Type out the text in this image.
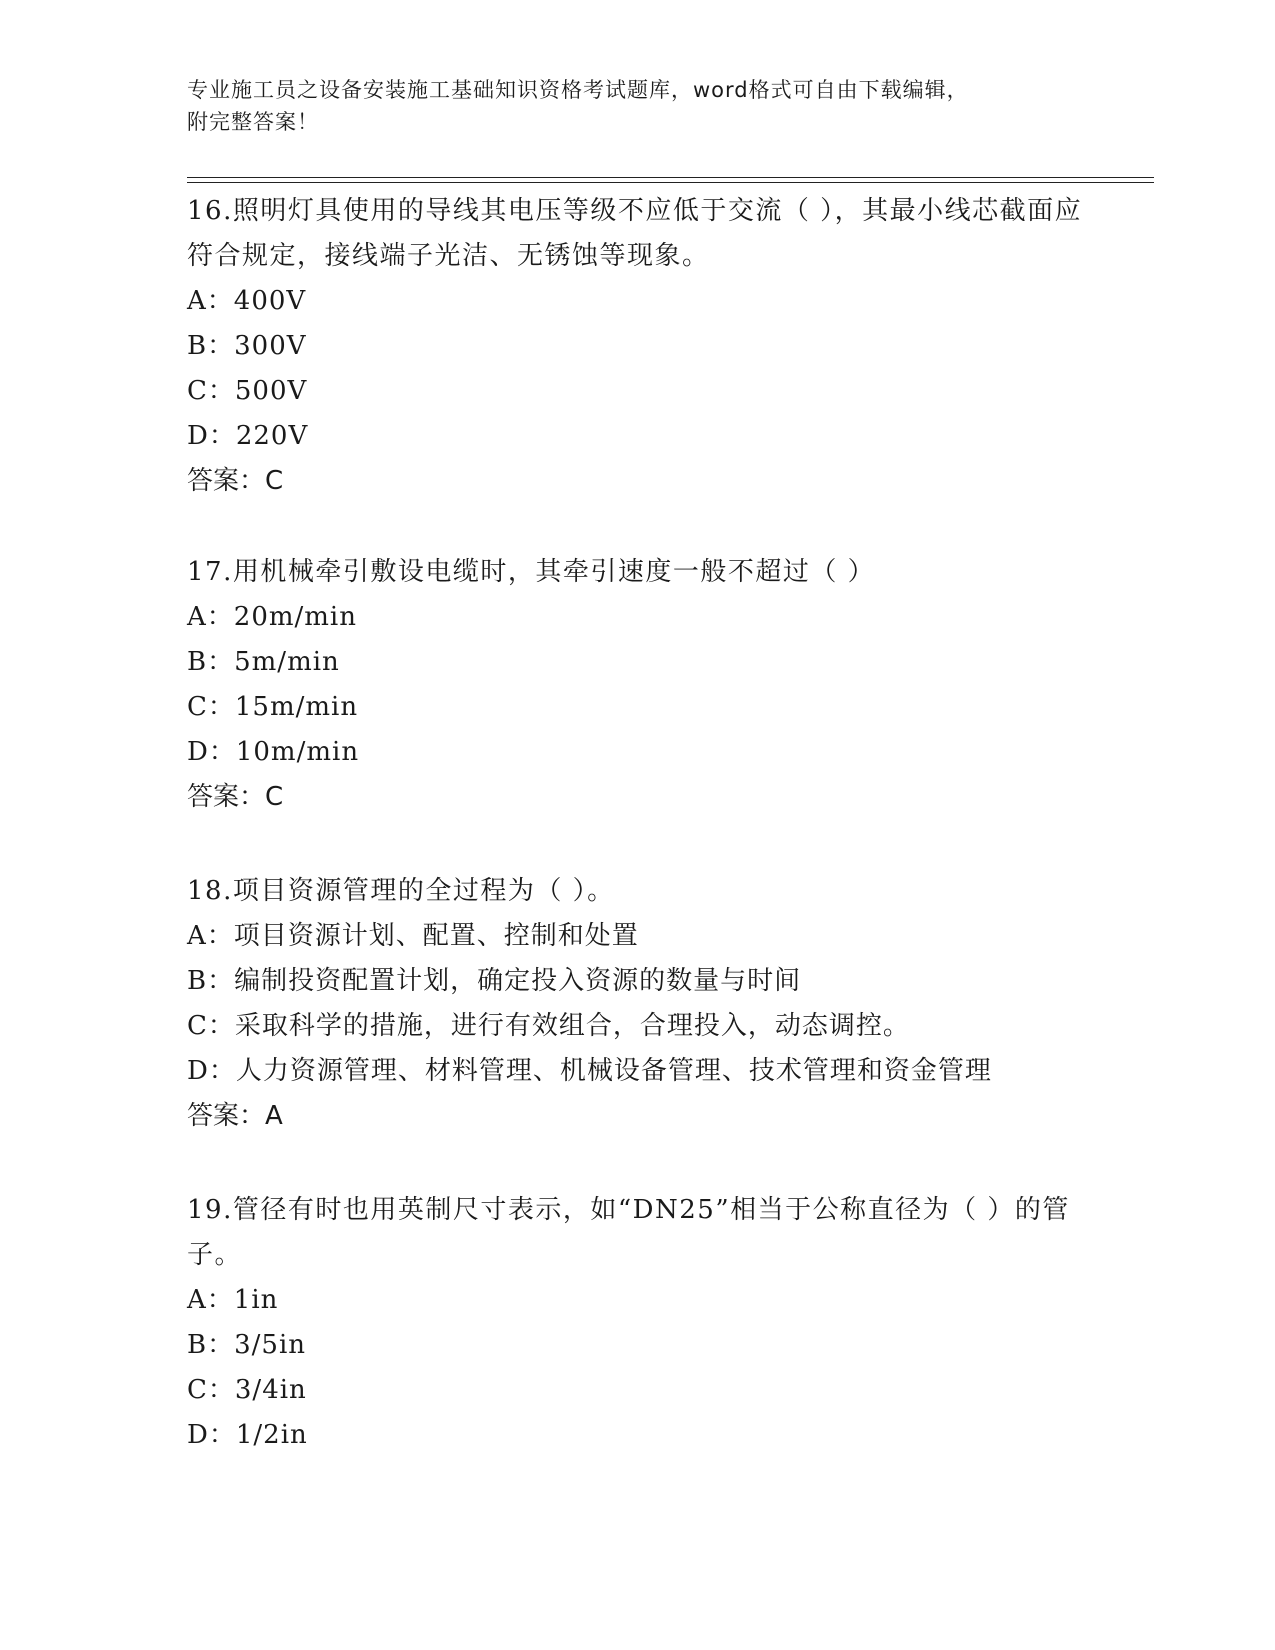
专业施工员之设备安装施工基础知识资格考试题库，word格式可自由下载编辑，
附完整答案！

16.照明灯具使用的导线其电压等级不应低于交流（ ），其最小线芯截面应符合规定，接线端子光洁、无锈蚀等现象。

A：400V

B：300V

C：500V

D：220V

答案：C

17.用机械牵引敷设电缆时，其牵引速度一般不超过（ ）

A：20m/min

B：5m/min

C：15m/min

D：10m/min

答案：C

18.项目资源管理的全过程为（ ）。

A：项目资源计划、配置、控制和处置

B：编制投资配置计划，确定投入资源的数量与时间

C：采取科学的措施，进行有效组合，合理投入，动态调控。

D：人力资源管理、材料管理、机械设备管理、技术管理和资金管理

答案：A

19.管径有时也用英制尺寸表示，如“DN25”相当于公称直径为（ ）的管子。

A：1in

B：3/5in

C：3/4in

D：1/2in
